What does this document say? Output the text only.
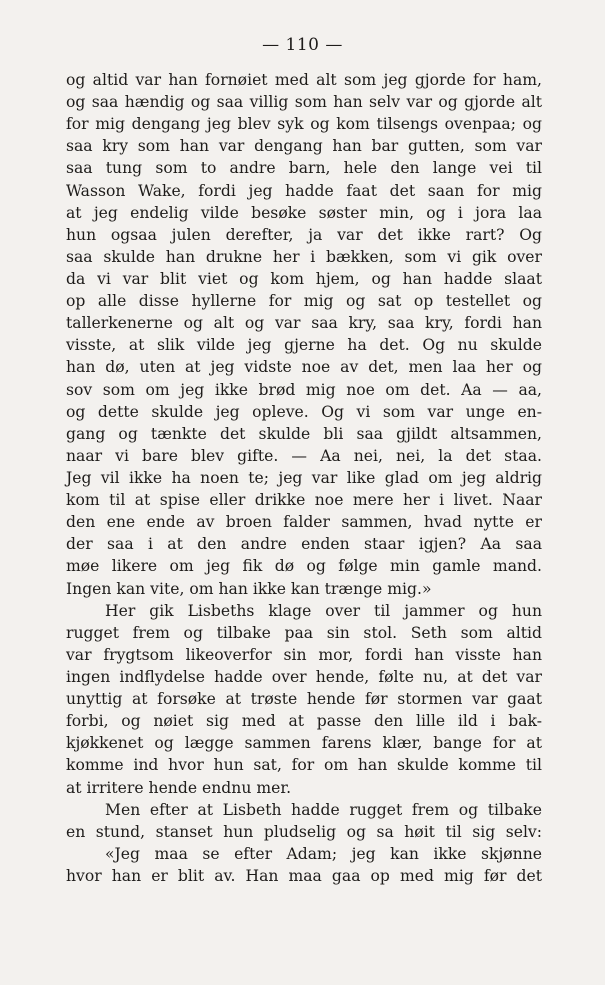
— 110 —
og altid var han fornøiet med alt som jeg gjorde for ham,
og saa hændig og saa villig som han selv var og gjorde alt
for mig dengang jeg blev syk og kom tilsengs ovenpaa; og
saa kry som han var dengang han bar gutten, som var
saa tung som to andre barn, hele den lange vei til
Wasson Wake, fordi jeg hadde faat det saan for mig
at jeg endelig vilde besøke søster min, og i jora laa
hun ogsaa julen derefter, ja var det ikke rart? Og
saa skulde han drukne her i bækken, som vi gik over
da vi var blit viet og kom hjem, og han hadde slaat
op alle disse hyllerne for mig og sat op testellet og
tallerkenerne og alt og var saa kry, saa kry, fordi han
visste, at slik vilde jeg gjerne ha det. Og nu skulde
han dø, uten at jeg vidste noe av det, men laa her og
sov som om jeg ikke brød mig noe om det. Aa — aa,
og dette skulde jeg opleve. Og vi som var unge en-
gang og tænkte det skulde bli saa gjildt altsammen,
naar vi bare blev gifte. — Aa nei, nei, la det staa.
Jeg vil ikke ha noen te; jeg var like glad om jeg aldrig
kom til at spise eller drikke noe mere her i livet. Naar
den ene ende av broen falder sammen, hvad nytte er
der saa i at den andre enden staar igjen? Aa saa
møe likere om jeg fik dø og følge min gamle mand.
Ingen kan vite, om han ikke kan trænge mig.»
Her gik Lisbeths klage over til jammer og hun
rugget frem og tilbake paa sin stol. Seth som altid
var frygtsom likeoverfor sin mor, fordi han visste han
ingen indflydelse hadde over hende, følte nu, at det var
unyttig at forsøke at trøste hende før stormen var gaat
forbi, og nøiet sig med at passe den lille ild i bak-
kjøkkenet og lægge sammen farens klær, bange for at
komme ind hvor hun sat, for om han skulde komme til
at irritere hende endnu mer.
Men efter at Lisbeth hadde rugget frem og tilbake
en stund, stanset hun pludselig og sa høit til sig selv:
«Jeg maa se efter Adam; jeg kan ikke skjønne
hvor han er blit av. Han maa gaa op med mig før det
